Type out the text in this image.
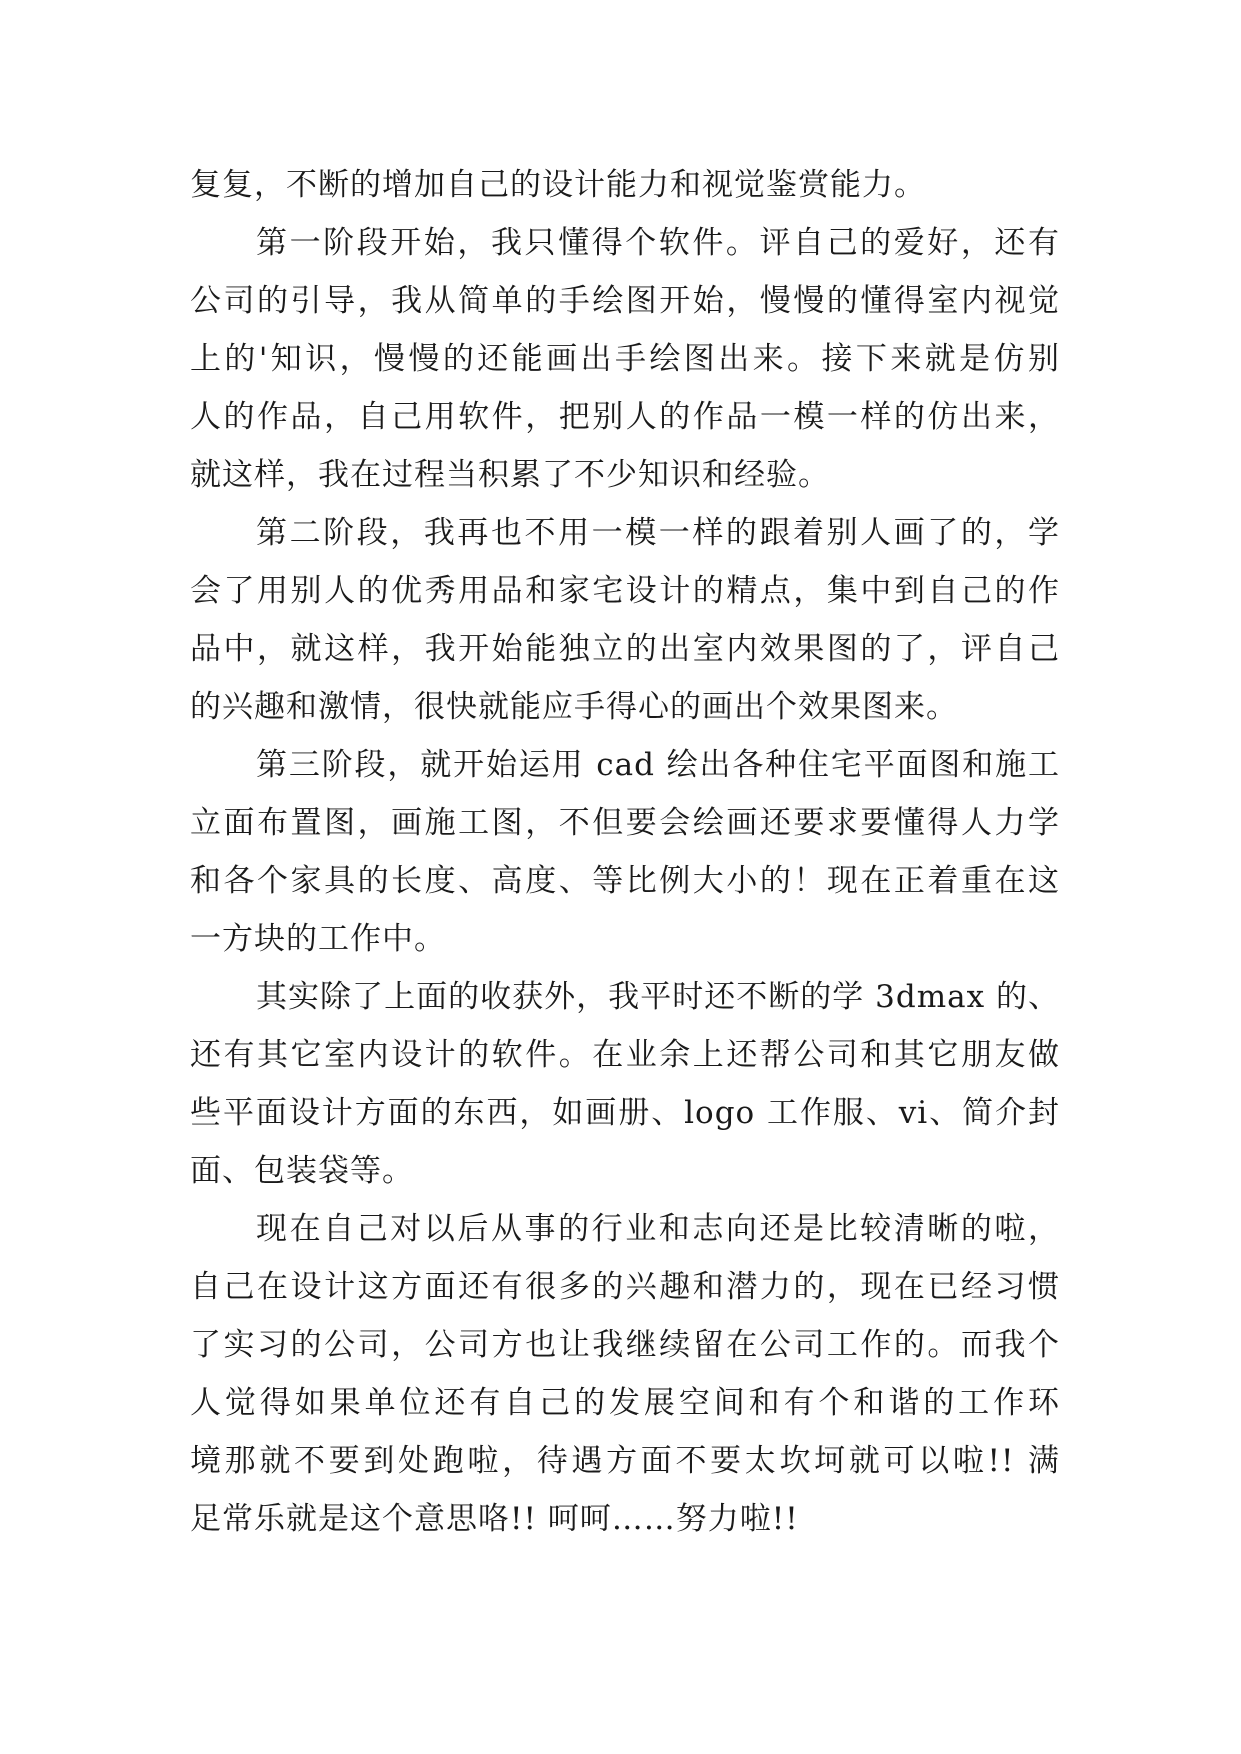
复复，不断的增加自己的设计能力和视觉鉴赏能力。
第一阶段开始，我只懂得个软件。评自己的爱好，还有
公司的引导，我从简单的手绘图开始，慢慢的懂得室内视觉
上的'知识，慢慢的还能画出手绘图出来。接下来就是仿别
人的作品，自己用软件，把别人的作品一模一样的仿出来，
就这样，我在过程当积累了不少知识和经验。
第二阶段，我再也不用一模一样的跟着别人画了的，学
会了用别人的优秀用品和家宅设计的精点，集中到自己的作
品中，就这样，我开始能独立的出室内效果图的了，评自己
的兴趣和激情，很快就能应手得心的画出个效果图来。
第三阶段，就开始运用 cad 绘出各种住宅平面图和施工
立面布置图，画施工图，不但要会绘画还要求要懂得人力学
和各个家具的长度、高度、等比例大小的！现在正着重在这
一方块的工作中。
其实除了上面的收获外，我平时还不断的学 3dmax 的、
还有其它室内设计的软件。在业余上还帮公司和其它朋友做
些平面设计方面的东西，如画册、logo 工作服、vi、简介封
面、包装袋等。
现在自己对以后从事的行业和志向还是比较清晰的啦，
自己在设计这方面还有很多的兴趣和潜力的，现在已经习惯
了实习的公司，公司方也让我继续留在公司工作的。而我个
人觉得如果单位还有自己的发展空间和有个和谐的工作环
境那就不要到处跑啦，待遇方面不要太坎坷就可以啦!! 满
足常乐就是这个意思咯!! 呵呵……努力啦!!
